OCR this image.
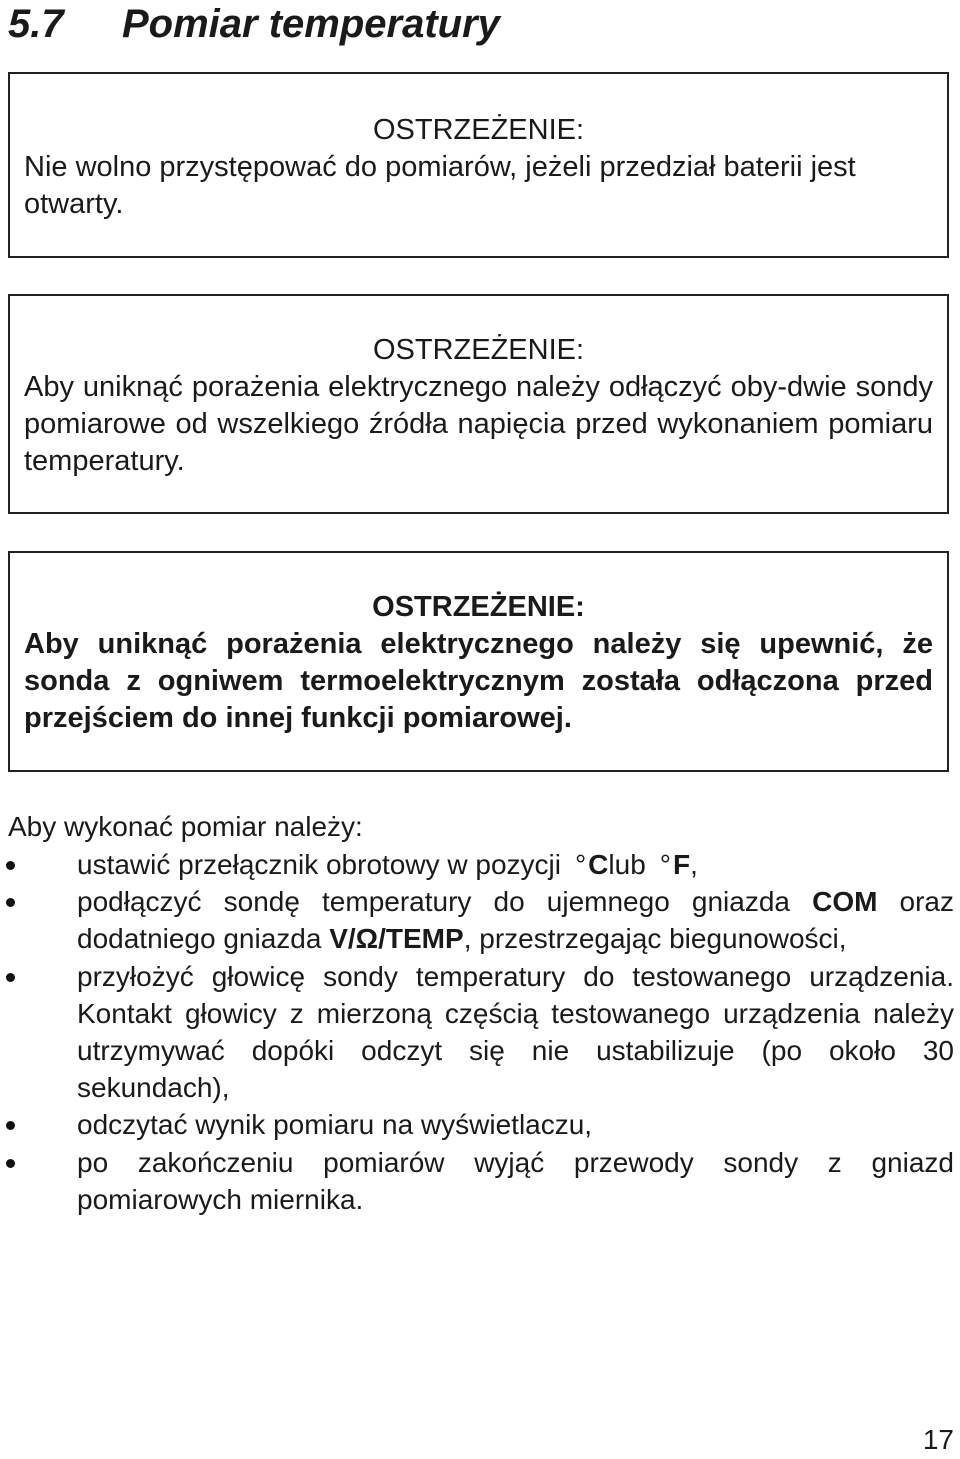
5.7 Pomiar temperatury
OSTRZEŻENIE:
Nie wolno przystępować do pomiarów, jeżeli przedział baterii jest otwarty.
OSTRZEŻENIE:
Aby uniknąć porażenia elektrycznego należy odłączyć oby-dwie sondy pomiarowe od wszelkiego źródła napięcia przed wykonaniem pomiaru temperatury.
OSTRZEŻENIE:
Aby uniknąć porażenia elektrycznego należy się upewnić, że sonda z ogniwem termoelektrycznym została odłączona przed przejściem do innej funkcji pomiarowej.
Aby wykonać pomiar należy:
ustawić przełącznik obrotowy w pozycji °Club °F,
podłączyć sondę temperatury do ujemnego gniazda COM oraz dodatniego gniazda V/Ω/TEMP, przestrzegając biegunowości,
przyłożyć głowicę sondy temperatury do testowanego urządzenia. Kontakt głowicy z mierzoną częścią testowanego urządzenia należy utrzymywać dopóki odczyt się nie ustabilizuje (po około 30 sekundach),
odczytać wynik pomiaru na wyświetlaczu,
po zakończeniu pomiarów wyjąć przewody sondy z gniazd pomiarowych miernika.
17
